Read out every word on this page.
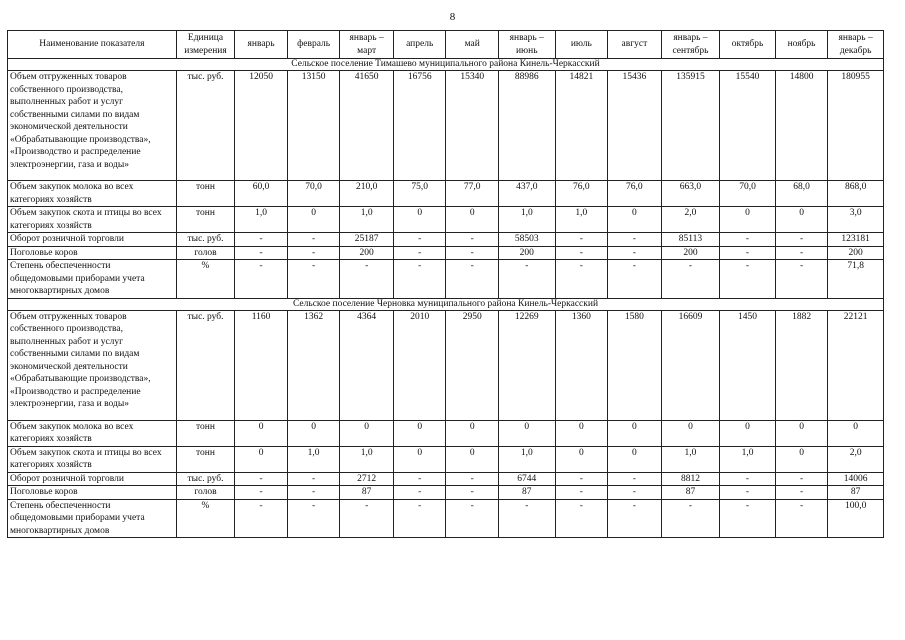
8
Наименование показателя	Единица измерения	январь	февраль	январь – март	апрель	май	январь – июнь	июль	август	январь – сентябрь	октябрь	ноябрь	январь – декабрь
Сельское поселение Тимашево муниципального района Кинель-Черкасский													
Объем отгруженных товаров собственного производства, выполненных работ и услуг собственными силами по видам экономической деятельности «Обрабатывающие производства», «Производство и распределение электроэнергии, газа и воды»	тыс. руб.	12050	13150	41650	16756	15340	88986	14821	15436	135915	15540	14800	180955
Объем закупок молока во всех категориях хозяйств	тонн	60,0	70,0	210,0	75,0	77,0	437,0	76,0	76,0	663,0	70,0	68,0	868,0
Объем закупок скота и птицы во всех категориях хозяйств	тонн	1,0	0	1,0	0	0	1,0	1,0	0	2,0	0	0	3,0
Оборот розничной торговли	тыс. руб.	-	-	25187	-	-	58503	-	-	85113	-	-	123181
Поголовье коров	голов	-	-	200	-	-	200	-	-	200	-	-	200
Степень обеспеченности общедомовыми приборами учета многоквартирных домов	%	-	-	-	-	-	-	-	-	-	-	-	71,8
Сельское поселение Черновка муниципального района Кинель-Черкасский													
Объем отгруженных товаров собственного производства, выполненных работ и услуг собственными силами по видам экономической деятельности «Обрабатывающие производства», «Производство и распределение электроэнергии, газа и воды»	тыс. руб.	1160	1362	4364	2010	2950	12269	1360	1580	16609	1450	1882	22121
Объем закупок молока во всех категориях хозяйств	тонн	0	0	0	0	0	0	0	0	0	0	0	0
Объем закупок скота и птицы во всех категориях хозяйств	тонн	0	1,0	1,0	0	0	1,0	0	0	1,0	1,0	0	2,0
Оборот розничной торговли	тыс. руб.	-	-	2712	-	-	6744	-	-	8812	-	-	14006
Поголовье коров	голов	-	-	87	-	-	87	-	-	87	-	-	87
Степень обеспеченности общедомовыми приборами учета многоквартирных домов	%	-	-	-	-	-	-	-	-	-	-	-	100,0
